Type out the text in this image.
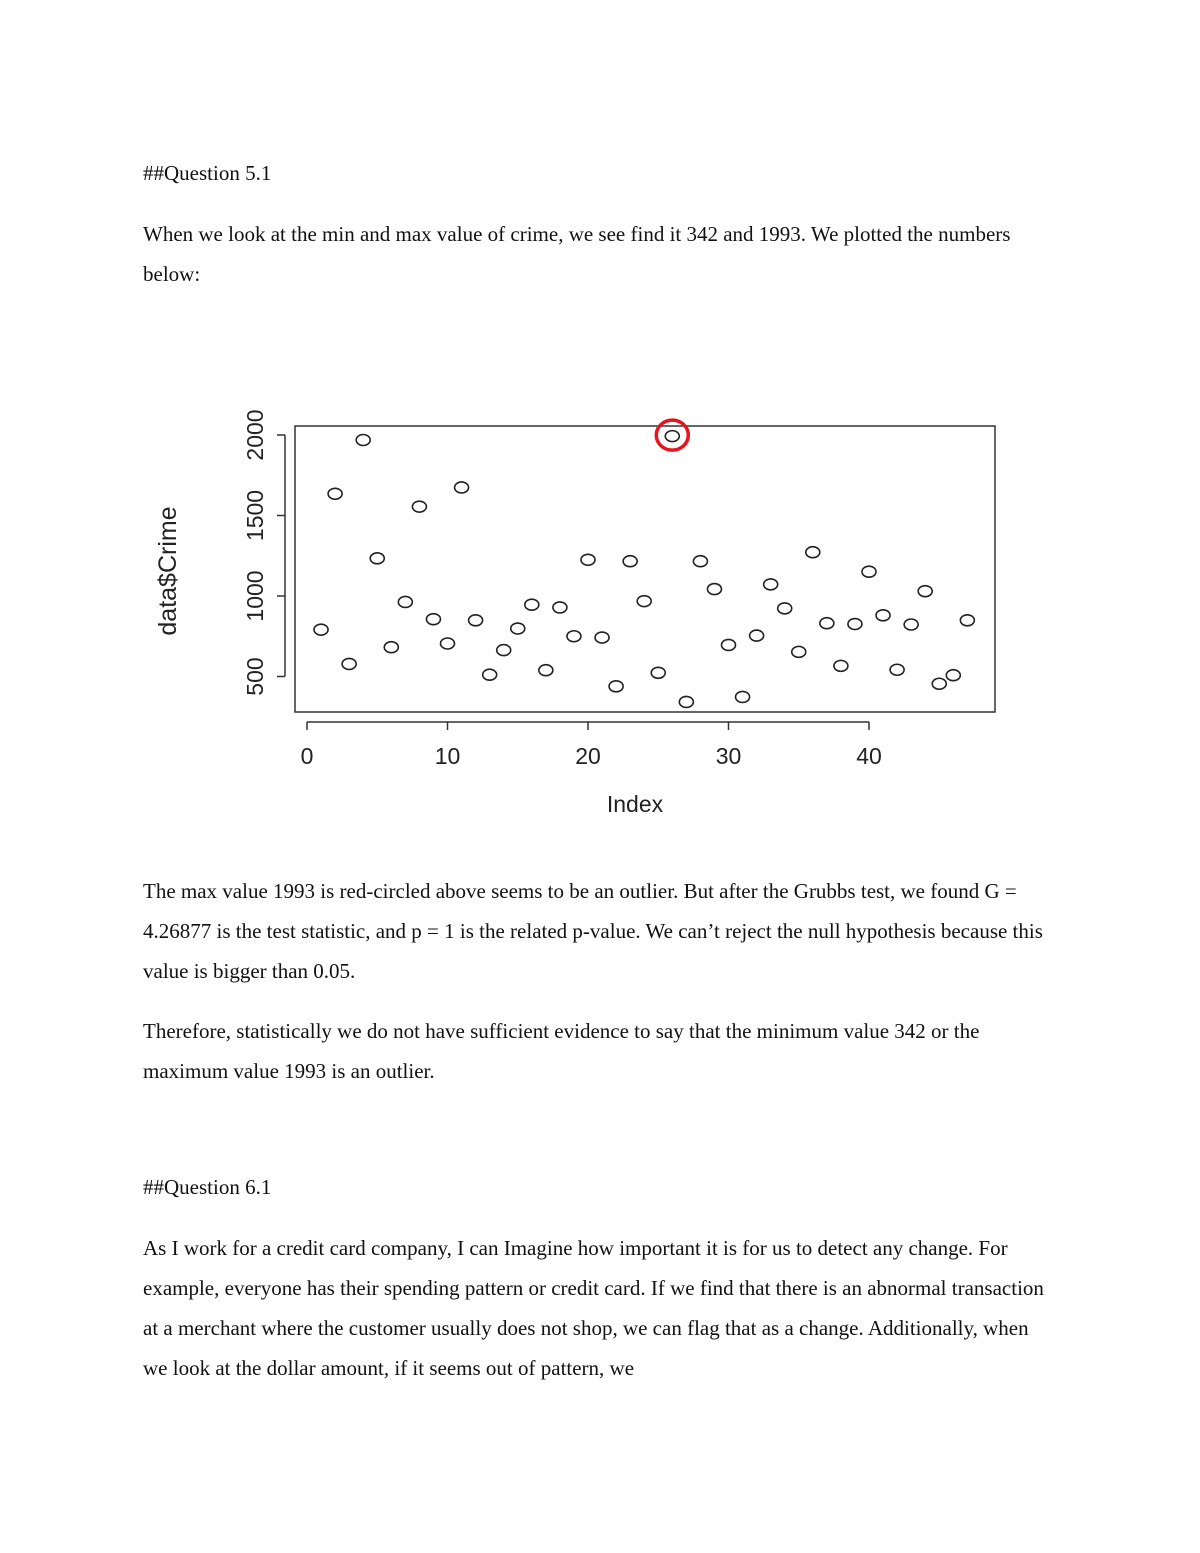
##Question 5.1

When we look at the min and max value of crime, we see find it 342 and 1993. We plotted the numbers below:

500
1000
1500
2000
data$Crime
0	10	20	30	40
Index

The max value 1993 is red-circled above seems to be an outlier. But after the Grubbs test, we found G = 4.26877 is the test statistic, and p = 1 is the related p-value. We can’t reject the null hypothesis because this value is bigger than 0.05.

Therefore, statistically we do not have sufficient evidence to say that the minimum value 342 or the maximum value 1993 is an outlier.

##Question 6.1

As I work for a credit card company, I can Imagine how important it is for us to detect any change. For example, everyone has their spending pattern or credit card. If we find that there is an abnormal transaction at a merchant where the customer usually does not shop, we can flag that as a change. Additionally, when we look at the dollar amount, if it seems out of pattern, we
